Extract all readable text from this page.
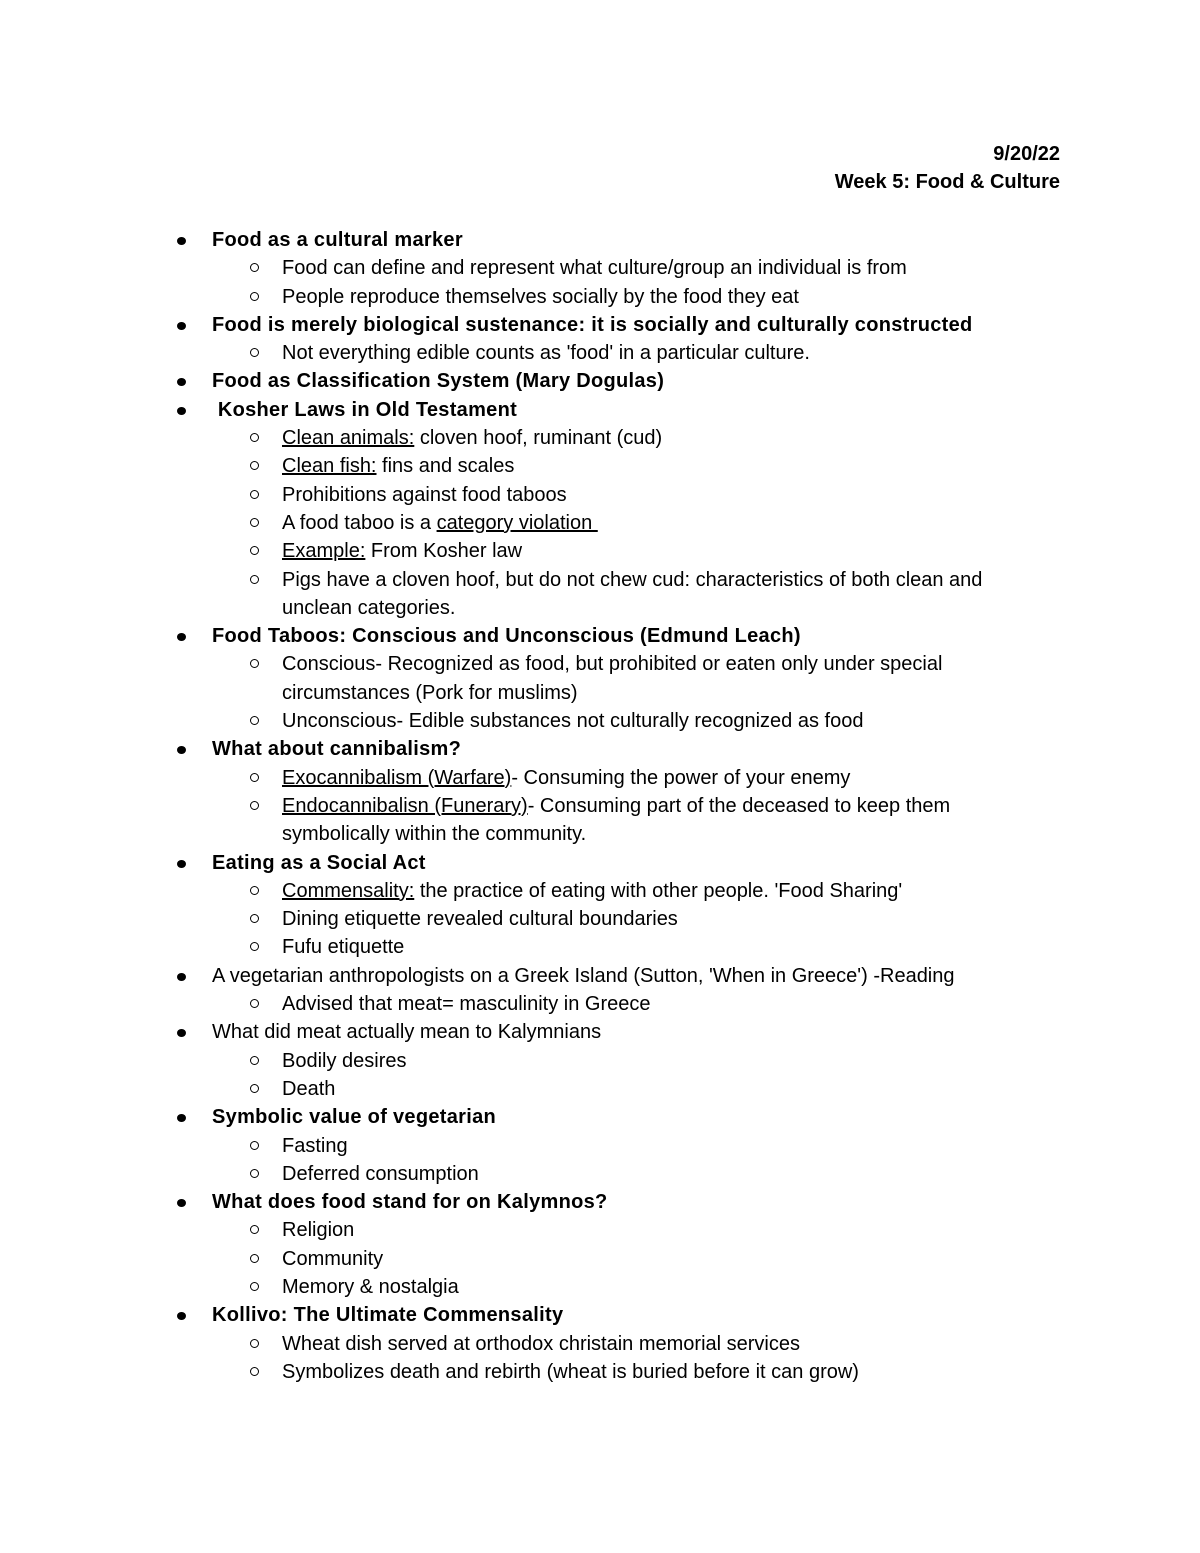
9/20/22
Week 5: Food & Culture
Food as a cultural marker
Food can define and represent what culture/group an individual is from
People reproduce themselves socially by the food they eat
Food is merely biological sustenance: it is socially and culturally constructed
Not everything edible counts as 'food' in a particular culture.
Food as Classification System (Mary Dogulas)
Kosher Laws in Old Testament
Clean animals: cloven hoof, ruminant (cud)
Clean fish: fins and scales
Prohibitions against food taboos
A food taboo is a category violation
Example: From Kosher law
Pigs have a cloven hoof, but do not chew cud: characteristics of both clean and unclean categories.
Food Taboos: Conscious and Unconscious (Edmund Leach)
Conscious- Recognized as food, but prohibited or eaten only under special circumstances (Pork for muslims)
Unconscious- Edible substances not culturally recognized as food
What about cannibalism?
Exocannibalism (Warfare)- Consuming the power of your enemy
Endocannibalisn (Funerary)- Consuming part of the deceased to keep them symbolically within the community.
Eating as a Social Act
Commensality: the practice of eating with other people. 'Food Sharing'
Dining etiquette revealed cultural boundaries
Fufu etiquette
A vegetarian anthropologists on a Greek Island (Sutton, 'When in Greece') -Reading
Advised that meat= masculinity in Greece
What did meat actually mean to Kalymnians
Bodily desires
Death
Symbolic value of vegetarian
Fasting
Deferred consumption
What does food stand for on Kalymnos?
Religion
Community
Memory & nostalgia
Kollivo: The Ultimate Commensality
Wheat dish served at orthodox christain memorial services
Symbolizes death and rebirth (wheat is buried before it can grow)
